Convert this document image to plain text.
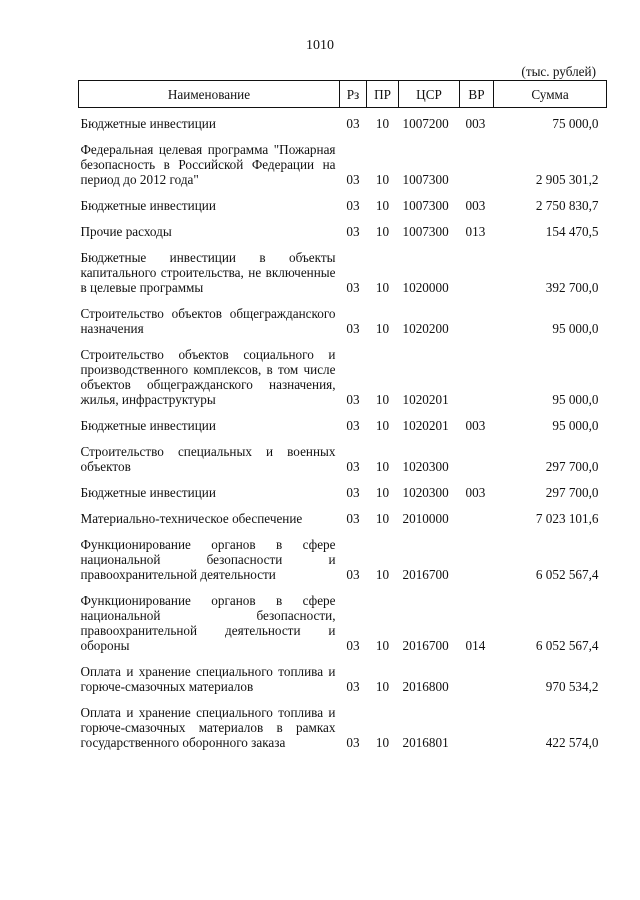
1010
(тыс. рублей)
Наименование	Рз	ПР	ЦСР	ВР	Сумма
Бюджетные инвестиции	03	10	1007200	003	75 000,0
Федеральная целевая программа "Пожарная безопасность в Российской Федерации на период до 2012 года"	03	10	1007300		2 905 301,2
Бюджетные инвестиции	03	10	1007300	003	2 750 830,7
Прочие расходы	03	10	1007300	013	154 470,5
Бюджетные инвестиции в объекты капитального строительства, не включенные в целевые программы	03	10	1020000		392 700,0
Строительство объектов общегражданского назначения	03	10	1020200		95 000,0
Строительство объектов социального и производственного комплексов, в том числе объектов общегражданского назначения, жилья, инфраструктуры	03	10	1020201		95 000,0
Бюджетные инвестиции	03	10	1020201	003	95 000,0
Строительство специальных и военных объектов	03	10	1020300		297 700,0
Бюджетные инвестиции	03	10	1020300	003	297 700,0
Материально-техническое обеспечение	03	10	2010000		7 023 101,6
Функционирование органов в сфере национальной безопасности и правоохранительной деятельности	03	10	2016700		6 052 567,4
Функционирование органов в сфере национальной безопасности, правоохранительной деятельности и обороны	03	10	2016700	014	6 052 567,4
Оплата и хранение специального топлива и горюче-смазочных материалов	03	10	2016800		970 534,2
Оплата и хранение специального топлива и горюче-смазочных материалов в рамках государственного оборонного заказа	03	10	2016801		422 574,0
